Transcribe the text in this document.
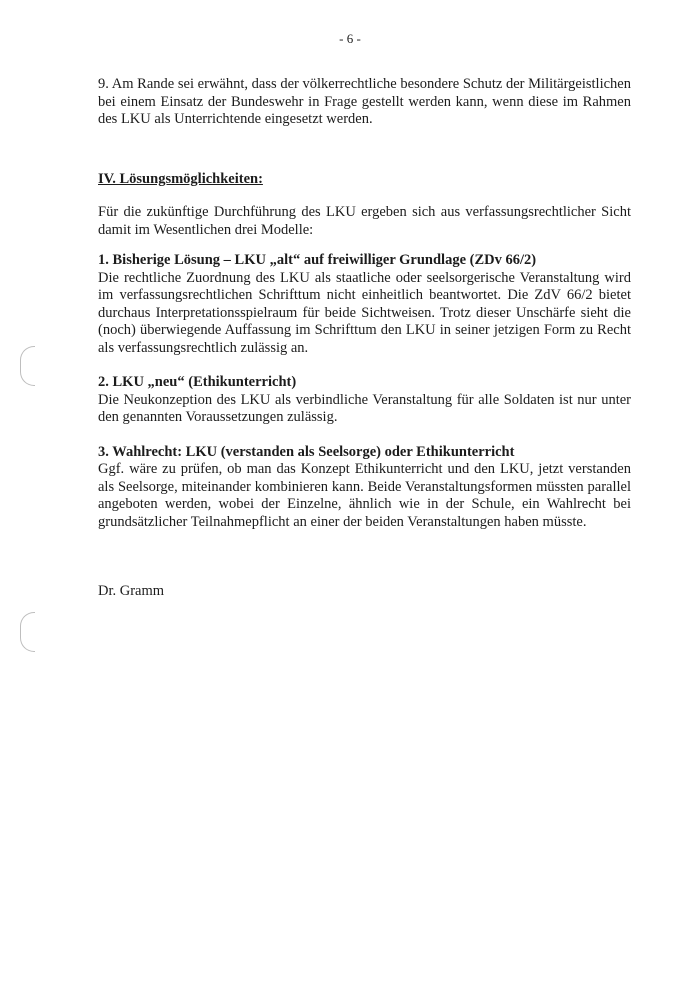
- 6 -

9. Am Rande sei erwähnt, dass der völkerrechtliche besondere Schutz der Militärgeistlichen bei einem Einsatz der Bundeswehr in Frage gestellt werden kann, wenn diese im Rahmen des LKU als Unterrichtende eingesetzt werden.

IV. Lösungsmöglichkeiten:

Für die zukünftige Durchführung des LKU ergeben sich aus verfassungsrechtlicher Sicht damit im Wesentlichen drei Modelle:

1. Bisherige Lösung – LKU „alt“ auf freiwilliger Grundlage (ZDv 66/2)

Die rechtliche Zuordnung des LKU als staatliche oder seelsorgerische Veranstaltung wird im verfassungsrechtlichen Schrifttum nicht einheitlich beantwortet. Die ZdV 66/2 bietet durchaus Interpretationsspielraum für beide Sichtweisen. Trotz dieser Unschärfe sieht die (noch) überwiegende Auffassung im Schrifttum den LKU in seiner jetzigen Form zu Recht als verfassungsrechtlich zulässig an.

2. LKU „neu“ (Ethikunterricht)

Die Neukonzeption des LKU als verbindliche Veranstaltung für alle Soldaten ist nur unter den genannten Voraussetzungen zulässig.

3. Wahlrecht: LKU (verstanden als Seelsorge) oder Ethikunterricht

Ggf. wäre zu prüfen, ob man das Konzept Ethikunterricht und den LKU, jetzt verstanden als Seelsorge, miteinander kombinieren kann. Beide Veranstaltungsformen müssten parallel angeboten werden, wobei der Einzelne, ähnlich wie in der Schule, ein Wahlrecht bei grundsätzlicher Teilnahmepflicht an einer der beiden Veranstaltungen haben müsste.

Dr. Gramm
